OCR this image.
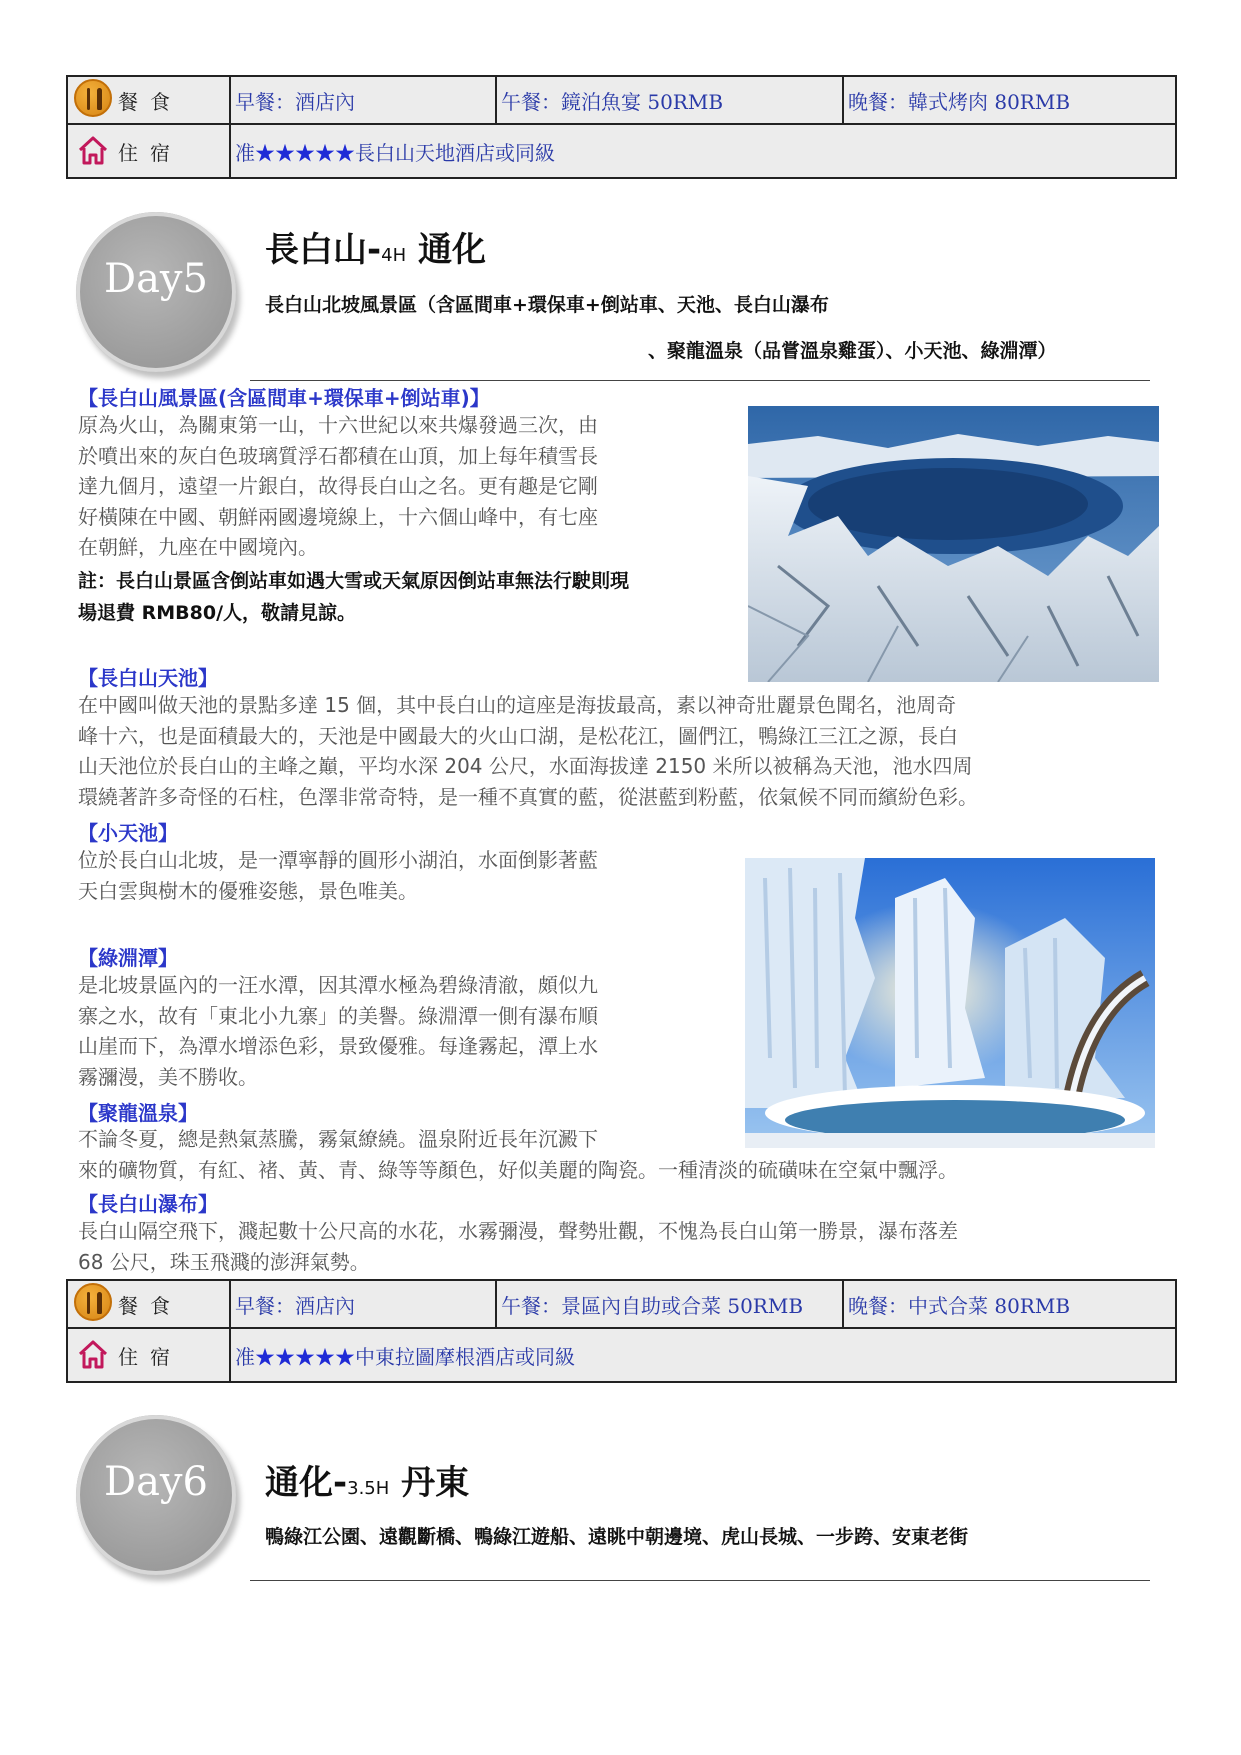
餐食	早餐：酒店內	午餐：鏡泊魚宴 50RMB	晚餐：韓式烤肉 80RMB

住宿	准★★★★★長白山天地酒店或同級		
Day5
長白山-4H 通化
長白山北坡風景區（含區間車+環保車+倒站車、天池、長白山瀑布
、聚龍溫泉（品嘗溫泉雞蛋）、小天池、綠淵潭）
【長白山風景區(含區間車+環保車+倒站車)】
原為火山，為關東第一山，十六世紀以來共爆發過三次，由
於噴出來的灰白色玻璃質浮石都積在山頂，加上每年積雪長
達九個月，遠望一片銀白，故得長白山之名。更有趣是它剛
好橫陳在中國、朝鮮兩國邊境線上，十六個山峰中，有七座
在朝鮮，九座在中國境內。
註：長白山景區含倒站車如遇大雪或天氣原因倒站車無法行駛則現
場退費 RMB80/人，敬請見諒。
【長白山天池】
在中國叫做天池的景點多達 15 個，其中長白山的這座是海拔最高，素以神奇壯麗景色聞名，池周奇
峰十六，也是面積最大的，天池是中國最大的火山口湖，是松花江，圖們江，鴨綠江三江之源，長白
山天池位於長白山的主峰之巔，平均水深 204 公尺，水面海拔達 2150 米所以被稱為天池，池水四周
環繞著許多奇怪的石柱，色澤非常奇特，是一種不真實的藍，從湛藍到粉藍，依氣候不同而繽紛色彩。
【小天池】
位於長白山北坡，是一潭寧靜的圓形小湖泊，水面倒影著藍
天白雲與樹木的優雅姿態，景色唯美。
【綠淵潭】
是北坡景區內的一汪水潭，因其潭水極為碧綠清澈，頗似九
寨之水，故有「東北小九寨」的美譽。綠淵潭一側有瀑布順
山崖而下，為潭水增添色彩，景致優雅。每逢霧起，潭上水
霧瀰漫，美不勝收。
【聚龍溫泉】
不論冬夏，總是熱氣蒸騰，霧氣繚繞。溫泉附近長年沉澱下
來的礦物質，有紅、褚、黃、青、綠等等顏色，好似美麗的陶瓷。一種清淡的硫磺味在空氣中飄浮。
【長白山瀑布】
長白山隔空飛下，濺起數十公尺高的水花，水霧彌漫，聲勢壯觀，不愧為長白山第一勝景，瀑布落差
68 公尺，珠玉飛濺的澎湃氣勢。
餐食	早餐：酒店內	午餐：景區內自助或合菜 50RMB	晚餐：中式合菜 80RMB

住宿	准★★★★★中東拉圖摩根酒店或同級		
Day6	通化-3.5H 丹東
鴨綠江公園、遠觀斷橋、鴨綠江遊船、遠眺中朝邊境、虎山長城、一步跨、安東老街
